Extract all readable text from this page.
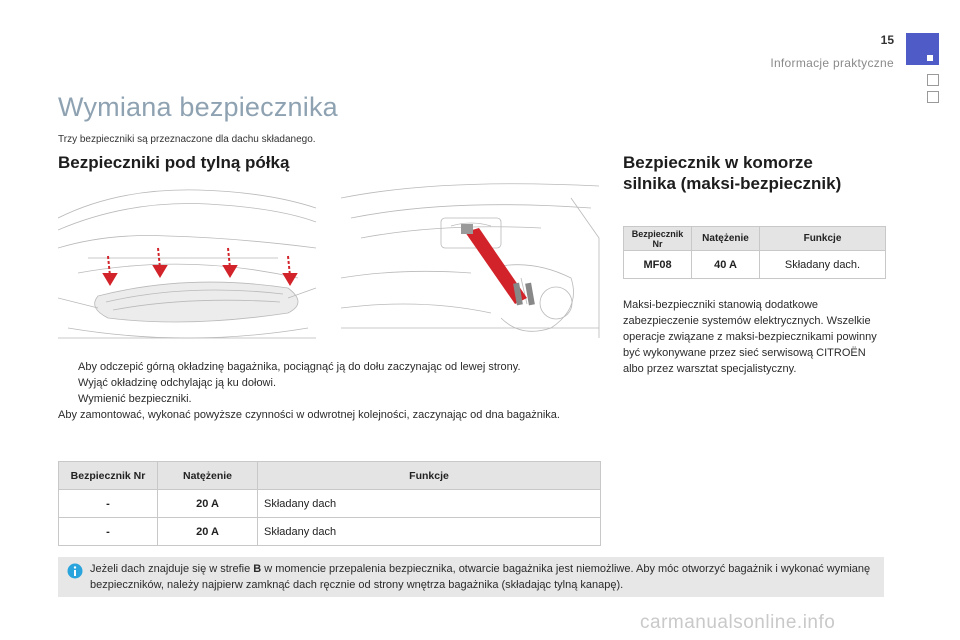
15
Informacje praktyczne
Wymiana bezpiecznika
Trzy bezpieczniki są przeznaczone dla dachu składanego.
Bezpieczniki pod tylną półką
Aby odczepić górną okładzinę bagażnika, pociągnąć ją do dołu zaczynając od lewej strony.
Wyjąć okładzinę odchylając ją ku dołowi.
Wymienić bezpieczniki.
Aby zamontować, wykonać powyższe czynności w odwrotnej kolejności, zaczynając od dna bagażnika.
Bezpiecznik Nr	Natężenie	Funkcje
-	20 A	Składany dach
-	20 A	Składany dach
Bezpiecznik w komorze
silnika (maksi-bezpiecznik)
Bezpiecznik Nr	Natężenie	Funkcje
MF08	40 A	Składany dach.
Maksi-bezpieczniki stanowią dodatkowe zabezpieczenie systemów elektrycznych. Wszelkie operacje związane z maksi-bezpiecznikami powinny być wykonywane przez sieć serwisową CITROËN albo przez warsztat specjalistyczny.
Jeżeli dach znajduje się w strefie B w momencie przepalenia bezpiecznika, otwarcie bagażnika jest niemożliwe. Aby móc otworzyć bagażnik i wykonać wymianę bezpieczników, należy najpierw zamknąć dach ręcznie od strony wnętrza bagażnika (składając tylną kanapę).
carmanualsonline.info
